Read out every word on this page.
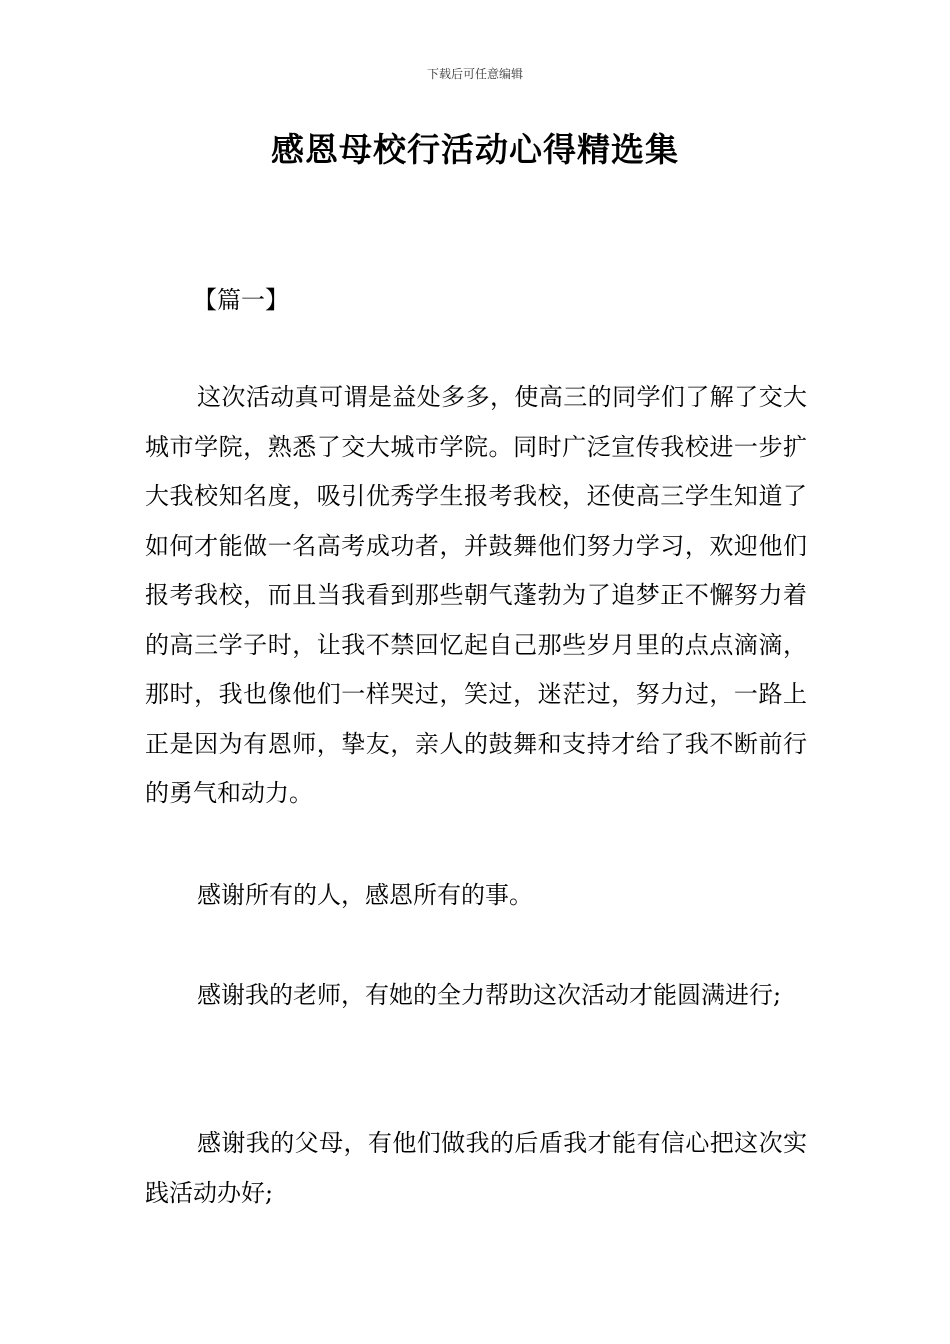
下载后可任意编辑
感恩母校行活动心得精选集
【篇一】

这次活动真可谓是益处多多，使高三的同学们了解了交大城市学院，熟悉了交大城市学院。同时广泛宣传我校进一步扩大我校知名度，吸引优秀学生报考我校，还使高三学生知道了如何才能做一名高考成功者，并鼓舞他们努力学习，欢迎他们报考我校，而且当我看到那些朝气蓬勃为了追梦正不懈努力着的高三学子时，让我不禁回忆起自己那些岁月里的点点滴滴，那时，我也像他们一样哭过，笑过，迷茫过，努力过，一路上正是因为有恩师，挚友，亲人的鼓舞和支持才给了我不断前行的勇气和动力。

感谢所有的人，感恩所有的事。

感谢我的老师，有她的全力帮助这次活动才能圆满进行;

感谢我的父母，有他们做我的后盾我才能有信心把这次实践活动办好;
